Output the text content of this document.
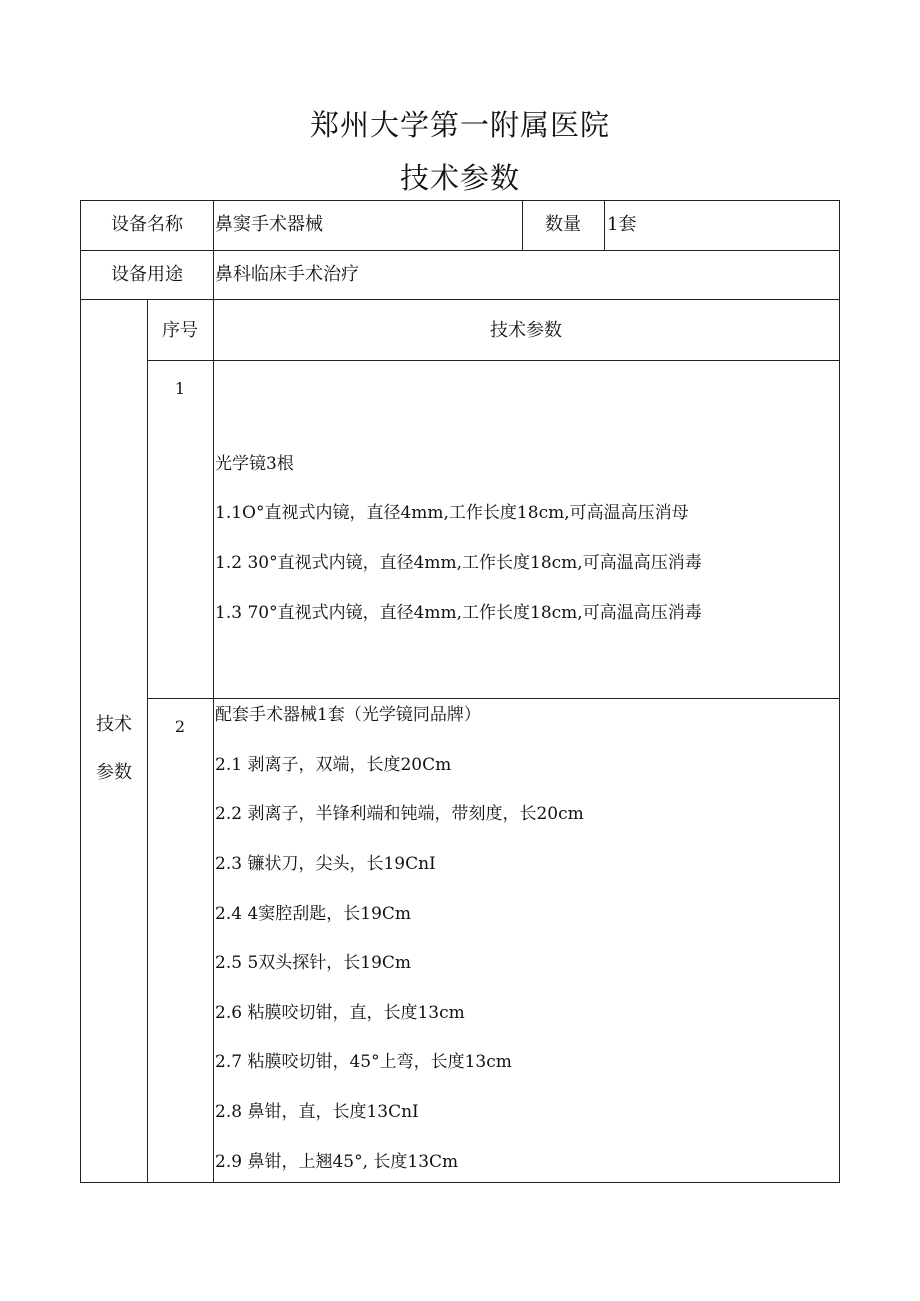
郑州大学第一附属医院
技术参数
设备名称	鼻窦手术器械	数量	1套
设备用途	鼻科临床手术治疗
技术
参数
序号	技术参数
1
光学镜3根
1.1O°直视式内镜，直径4mm,工作长度18cm,可高温高压消母
1.2 30°直视式内镜，直径4mm,工作长度18cm,可高温高压消毒
1.3 70°直视式内镜，直径4mm,工作长度18cm,可高温高压消毒
2
配套手术器械1套（光学镜同品牌）
2.1 剥离子，双端，长度20Cm
2.2 剥离子，半锋利端和钝端，带刻度，长20cm
2.3 镰状刀，尖头，长19CnI
2.4 4窦腔刮匙，长19Cm
2.5 5双头探针，长19Cm
2.6 粘膜咬切钳，直，长度13cm
2.7 粘膜咬切钳，45°上弯，长度13cm
2.8 鼻钳，直，长度13CnI
2.9 鼻钳，上翘45°, 长度13Cm
